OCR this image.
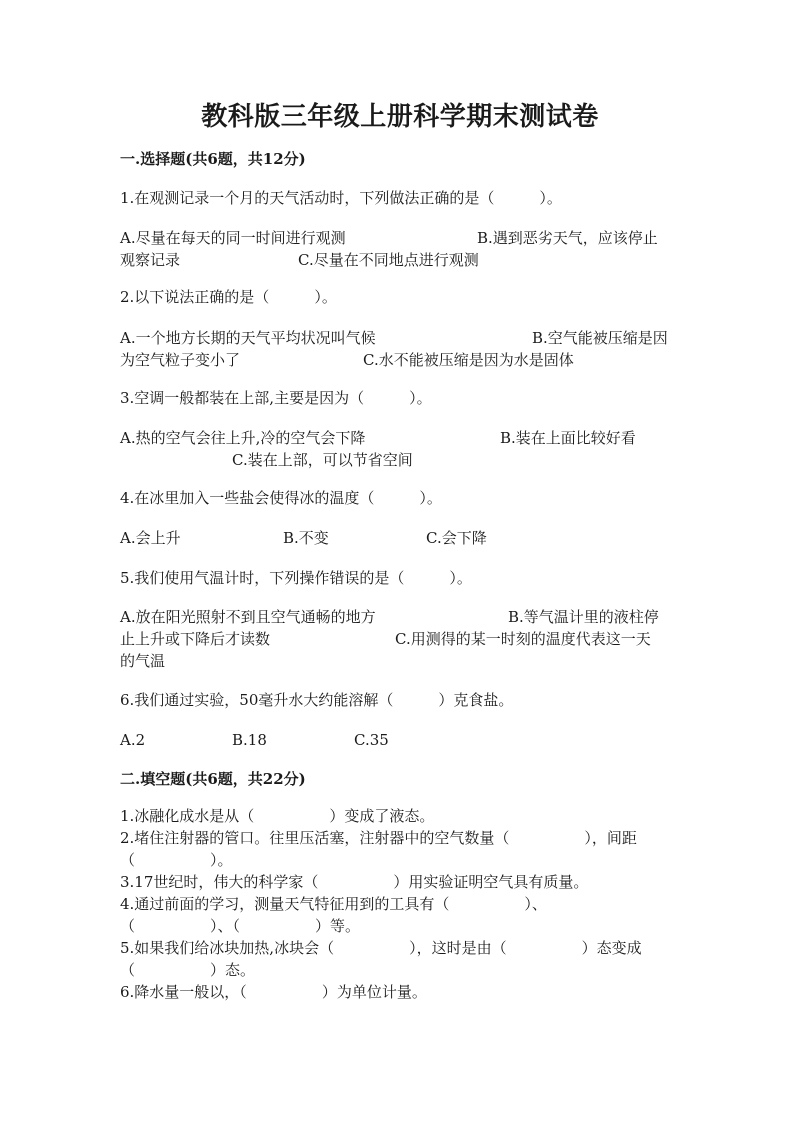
教科版三年级上册科学期末测试卷
一.选择题(共6题，共12分)
1.在观测记录一个月的天气活动时，下列做法正确的是（　　　）。
A.尽量在每天的同一时间进行观测	B.遇到恶劣天气，应该停止
观察记录	C.尽量在不同地点进行观测
2.以下说法正确的是（　　　）。
A.一个地方长期的天气平均状况叫气候	B.空气能被压缩是因
为空气粒子变小了	C.水不能被压缩是因为水是固体
3.空调一般都装在上部,主要是因为（　　　）。
A.热的空气会往上升,冷的空气会下降	B.装在上面比较好看
C.装在上部，可以节省空间
4.在冰里加入一些盐会使得冰的温度（　　　）。
A.会上升	B.不变	C.会下降
5.我们使用气温计时，下列操作错误的是（　　　）。
A.放在阳光照射不到且空气通畅的地方	B.等气温计里的液柱停
止上升或下降后才读数	C.用测得的某一时刻的温度代表这一天
的气温
6.我们通过实验，50毫升水大约能溶解（　　　）克食盐。
A.2	B.18	C.35
二.填空题(共6题，共22分)
1.冰融化成水是从（　　　　　）变成了液态。
2.堵住注射器的管口。往里压活塞，注射器中的空气数量（　　　　　），间距
（　　　　　）。
3.17世纪时，伟大的科学家（　　　　　）用实验证明空气具有质量。
4.通过前面的学习，测量天气特征用到的工具有（　　　　　）、
（　　　　　）、（　　　　　）等。
5.如果我们给冰块加热,冰块会（　　　　　），这时是由（　　　　　）态变成
（　　　　　）态。
6.降水量一般以，（　　　　　）为单位计量。
